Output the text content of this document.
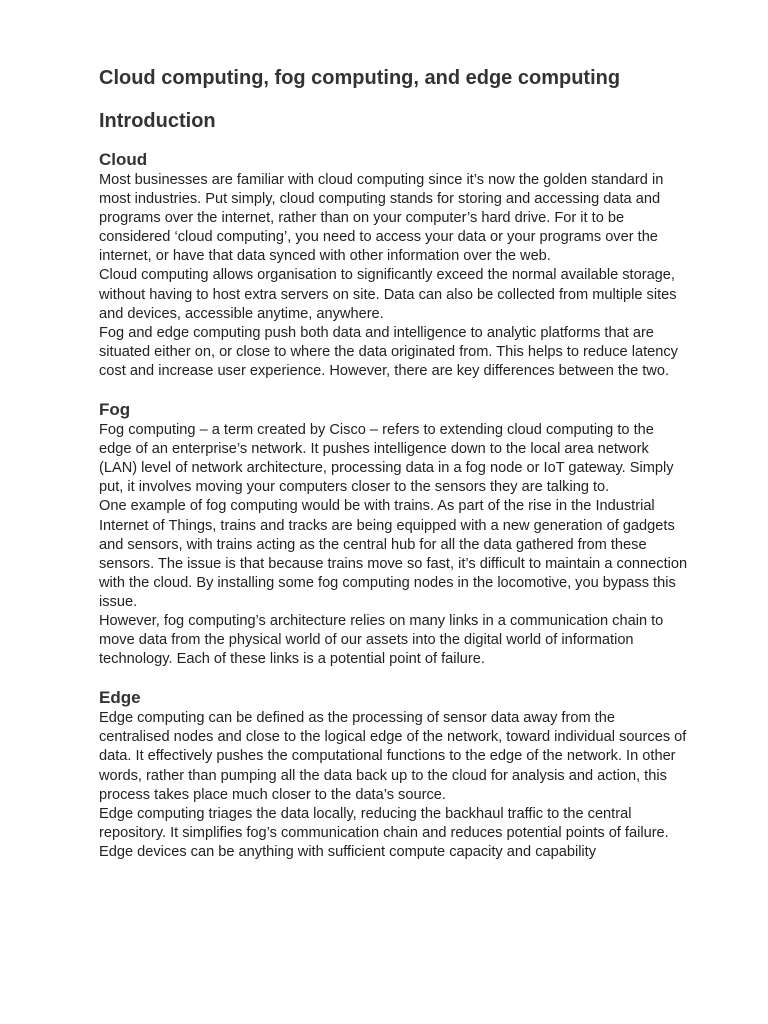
Cloud computing, fog computing, and edge computing
Introduction
Cloud

Most businesses are familiar with cloud computing since it’s now the golden standard in most industries. Put simply, cloud computing stands for storing and accessing data and programs over the internet, rather than on your computer’s hard drive. For it to be considered ‘cloud computing’, you need to access your data or your programs over the internet, or have that data synced with other information over the web.

Cloud computing allows organisation to significantly exceed the normal available storage, without having to host extra servers on site. Data can also be collected from multiple sites and devices, accessible anytime, anywhere.

Fog and edge computing push both data and intelligence to analytic platforms that are situated either on, or close to where the data originated from. This helps to reduce latency cost and increase user experience. However, there are key differences between the two.

Fog

Fog computing – a term created by Cisco – refers to extending cloud computing to the edge of an enterprise’s network. It pushes intelligence down to the local area network (LAN) level of network architecture, processing data in a fog node or IoT gateway. Simply put, it involves moving your computers closer to the sensors they are talking to.

One example of fog computing would be with trains. As part of the rise in the Industrial Internet of Things, trains and tracks are being equipped with a new generation of gadgets and sensors, with trains acting as the central hub for all the data gathered from these sensors. The issue is that because trains move so fast, it’s difficult to maintain a connection with the cloud. By installing some fog computing nodes in the locomotive, you bypass this issue.

However, fog computing’s architecture relies on many links in a communication chain to move data from the physical world of our assets into the digital world of information technology. Each of these links is a potential point of failure.

Edge

Edge computing can be defined as the processing of sensor data away from the centralised nodes and close to the logical edge of the network, toward individual sources of data. It effectively pushes the computational functions to the edge of the network. In other words, rather than pumping all the data back up to the cloud for analysis and action, this process takes place much closer to the data’s source.

Edge computing triages the data locally, reducing the backhaul traffic to the central repository. It simplifies fog’s communication chain and reduces potential points of failure.

Edge devices can be anything with sufficient compute capacity and capability
